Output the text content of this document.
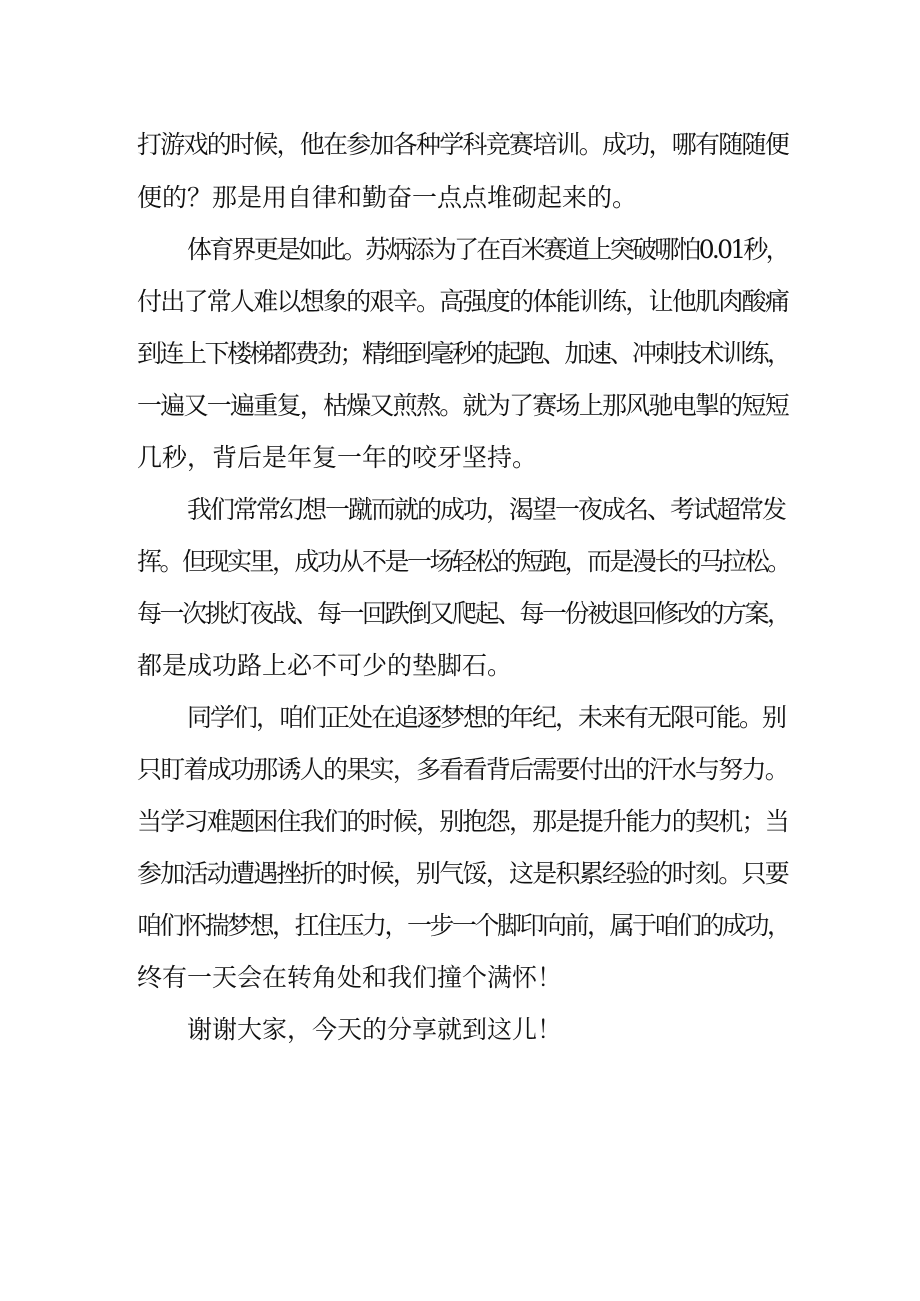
打游戏的时候，他在参加各种学科竞赛培训。成功，哪有随随便
便的？那是用自律和勤奋一点点堆砌起来的。
体育界更是如此。苏炳添为了在百米赛道上突破哪怕0.01秒，
付出了常人难以想象的艰辛。高强度的体能训练，让他肌肉酸痛
到连上下楼梯都费劲；精细到毫秒的起跑、加速、冲刺技术训练，
一遍又一遍重复，枯燥又煎熬。就为了赛场上那风驰电掣的短短
几秒，背后是年复一年的咬牙坚持。
我们常常幻想一蹴而就的成功，渴望一夜成名、考试超常发
挥。但现实里，成功从不是一场轻松的短跑，而是漫长的马拉松。
每一次挑灯夜战、每一回跌倒又爬起、每一份被退回修改的方案，
都是成功路上必不可少的垫脚石。
同学们，咱们正处在追逐梦想的年纪，未来有无限可能。别
只盯着成功那诱人的果实，多看看背后需要付出的汗水与努力。
当学习难题困住我们的时候，别抱怨，那是提升能力的契机；当
参加活动遭遇挫折的时候，别气馁，这是积累经验的时刻。只要
咱们怀揣梦想，扛住压力，一步一个脚印向前，属于咱们的成功，
终有一天会在转角处和我们撞个满怀！
谢谢大家，今天的分享就到这儿！
